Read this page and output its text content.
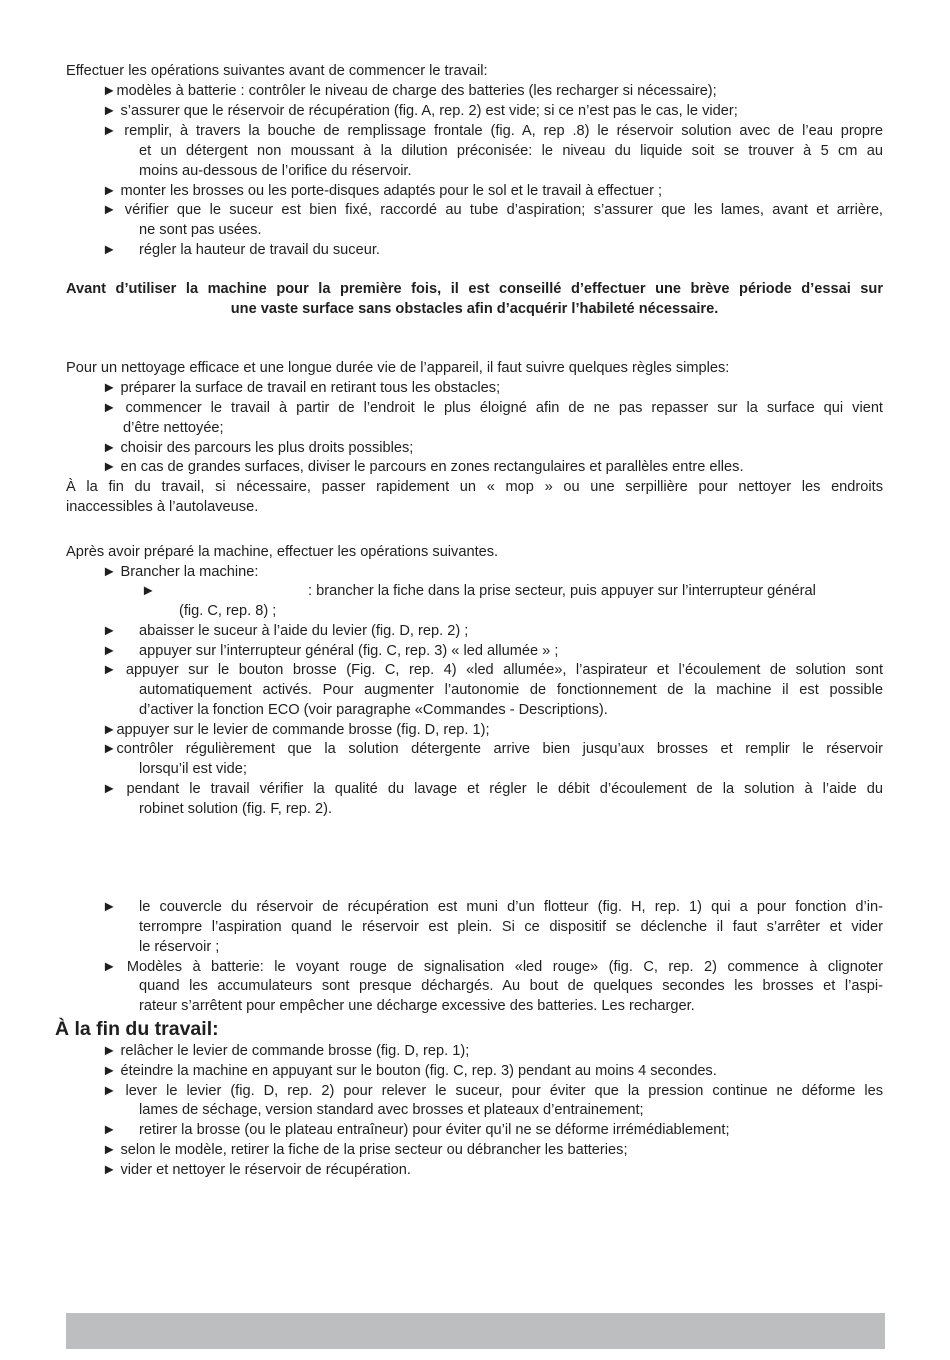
Effectuer les opérations suivantes avant de commencer le travail:
►modèles à batterie : contrôler le niveau de charge des batteries (les recharger si nécessaire);
► s’assurer que le réservoir de récupération (fig. A, rep. 2) est vide; si ce n’est pas le cas, le vider;
► remplir, à travers la bouche de remplissage frontale (fig. A, rep .8) le réservoir solution avec de l’eau propre
et un détergent non moussant à la dilution préconisée: le niveau du liquide soit se trouver à 5 cm au
moins au-dessous de l’orifice du réservoir.
► monter les brosses ou les porte-disques adaptés pour le sol et le travail à effectuer ;
► vérifier que le suceur est bien fixé, raccordé au tube d’aspiration; s’assurer que les lames, avant et arrière,
ne sont pas usées.
► régler la hauteur de travail du suceur.
Avant d’utiliser la machine pour la première fois, il est conseillé d’effectuer une brève période d’essai sur
une vaste surface sans obstacles afin d’acquérir l’habileté nécessaire.
Pour un nettoyage efficace et une longue durée vie de l’appareil, il faut suivre quelques règles simples:
► préparer la surface de travail en retirant tous les obstacles;
► commencer le travail à partir de l’endroit le plus éloigné afin de ne pas repasser sur la surface qui vient
d’être nettoyée;
► choisir des parcours les plus droits possibles;
► en cas de grandes surfaces, diviser le parcours en zones rectangulaires et parallèles entre elles.
À la fin du travail, si nécessaire, passer rapidement un « mop » ou une serpillière pour nettoyer les endroits
inaccessibles à l’autolaveuse.
Après avoir préparé la machine, effectuer les opérations suivantes.
► Brancher la machine:
►	: brancher la fiche dans la prise secteur, puis appuyer sur l’interrupteur général
(fig. C, rep. 8) ;
► abaisser le suceur à l’aide du levier (fig. D, rep. 2) ;
► appuyer sur l’interrupteur général (fig. C, rep. 3) « led allumée » ;
► appuyer sur le bouton brosse (Fig. C, rep. 4) «led allumée», l’aspirateur et l’écoulement de solution sont
automatiquement activés. Pour augmenter l’autonomie de fonctionnement de la machine il est possible
d’activer la fonction ECO (voir paragraphe «Commandes - Descriptions).
►appuyer sur le levier de commande brosse (fig. D, rep. 1);
►contrôler régulièrement que la solution détergente arrive bien jusqu’aux brosses et remplir le réservoir
lorsqu’il est vide;
► pendant le travail vérifier la qualité du lavage et régler le débit d’écoulement de la solution à l’aide du
robinet solution (fig. F, rep. 2).
► le couvercle du réservoir de récupération est muni d’un flotteur (fig. H, rep. 1) qui a pour fonction d’in-
terrompre l’aspiration quand le réservoir est plein. Si ce dispositif se déclenche il faut s’arrêter et vider
le réservoir ;
► Modèles à batterie: le voyant rouge de signalisation «led rouge» (fig. C, rep. 2) commence à clignoter
quand les accumulateurs sont presque déchargés. Au bout de quelques secondes les brosses et l’aspi-
rateur s’arrêtent pour empêcher une décharge excessive des batteries. Les recharger.
À la fin du travail:
► relâcher le levier de commande brosse (fig. D, rep. 1);
► éteindre la machine en appuyant sur le bouton (fig. C, rep. 3) pendant au moins 4 secondes.
► lever le levier (fig. D, rep. 2) pour relever le suceur, pour éviter que la pression continue ne déforme les
lames de séchage, version standard avec brosses et plateaux d’entrainement;
► retirer la brosse (ou le plateau entraîneur) pour éviter qu’il ne se déforme irrémédiablement;
► selon le modèle, retirer la fiche de la prise secteur ou débrancher les batteries;
► vider et nettoyer le réservoir de récupération.
